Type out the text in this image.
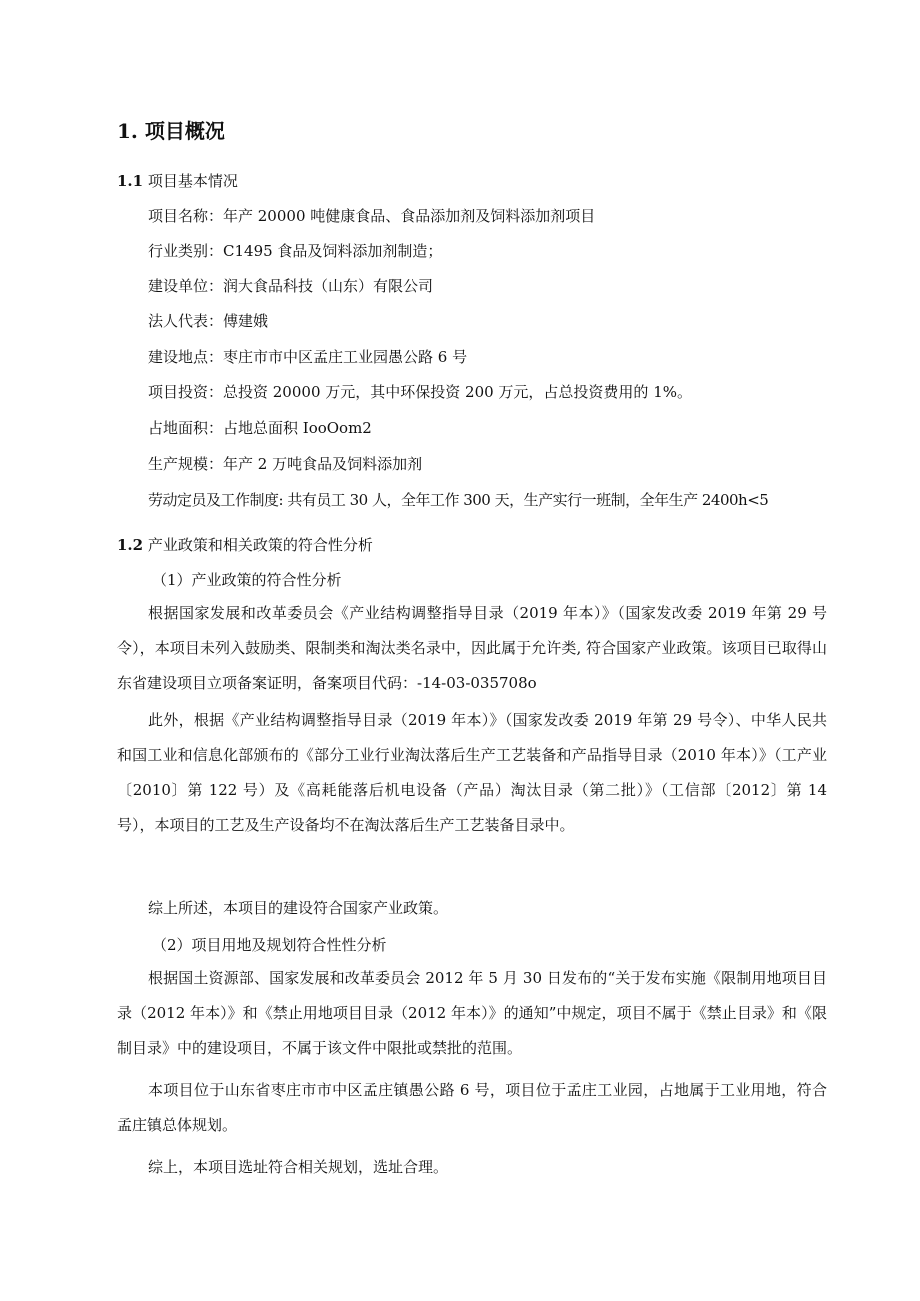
1. 项目概况
1.1 项目基本情况
项目名称：年产 20000 吨健康食品、食品添加剂及饲料添加剂项目
行业类别：C1495 食品及饲料添加剂制造；
建设单位：润大食品科技（山东）有限公司
法人代表：傅建娥
建设地点：枣庄市市中区孟庄工业园愚公路 6 号
项目投资：总投资 20000 万元，其中环保投资 200 万元，占总投资费用的 1%。
占地面积：占地总面积 IooOom2
生产规模：年产 2 万吨食品及饲料添加剂
劳动定员及工作制度: 共有员工 30 人，全年工作 300 天，生产实行一班制，全年生产 2400h<5
1.2 产业政策和相关政策的符合性分析
（1）产业政策的符合性分析
根据国家发展和改革委员会《产业结构调整指导目录（2019 年本）》（国家发改委 2019 年第 29 号令），本项目未列入鼓励类、限制类和淘汰类名录中，因此属于允许类, 符合国家产业政策。该项目已取得山东省建设项目立项备案证明，备案项目代码：-14-03-035708o
此外，根据《产业结构调整指导目录（2019 年本）》（国家发改委 2019 年第 29 号令）、中华人民共和国工业和信息化部颁布的《部分工业行业淘汰落后生产工艺装备和产品指导目录（2010 年本）》（工产业〔2010〕第 122 号）及《高耗能落后机电设备（产品）淘汰目录（第二批）》（工信部〔2012〕第 14 号），本项目的工艺及生产设备均不在淘汰落后生产工艺装备目录中。
综上所述，本项目的建设符合国家产业政策。
（2）项目用地及规划符合性性分析
根据国土资源部、国家发展和改革委员会 2012 年 5 月 30 日发布的“关于发布实施《限制用地项目目录（2012 年本）》和《禁止用地项目目录（2012 年本）》的通知”中规定，项目不属于《禁止目录》和《限制目录》中的建设项目，不属于该文件中限批或禁批的范围。
本项目位于山东省枣庄市市中区孟庄镇愚公路 6 号，项目位于孟庄工业园，占地属于工业用地，符合孟庄镇总体规划。
综上，本项目选址符合相关规划，选址合理。
